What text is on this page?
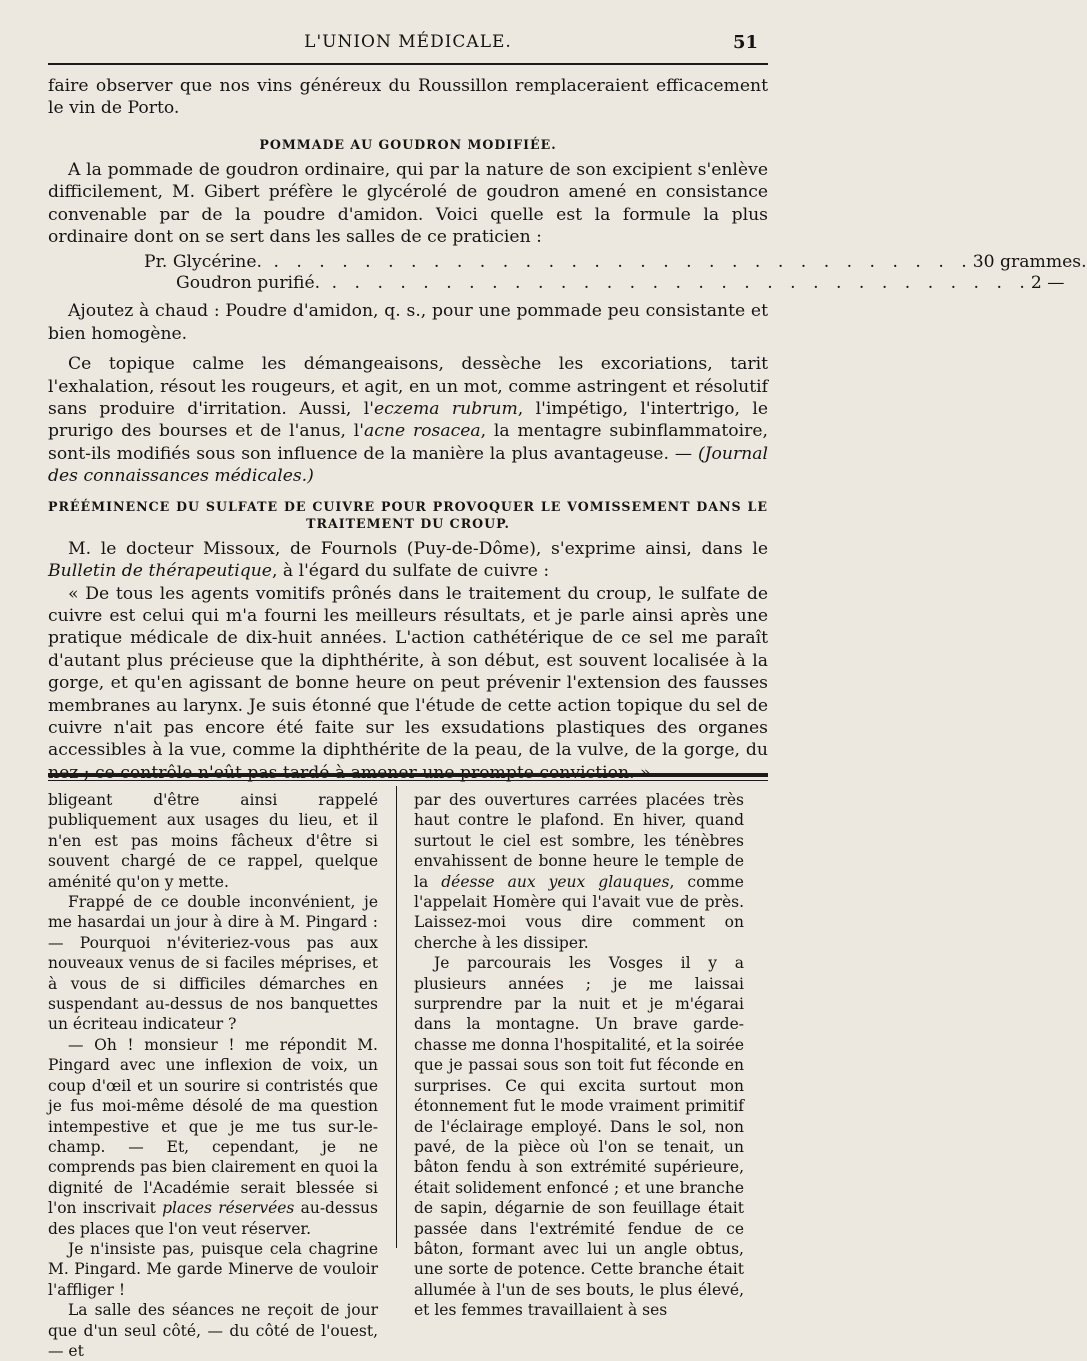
L'UNION MÉDICALE.	51

faire observer que nos vins généreux du Roussillon remplaceraient efficacement le vin de Porto.

POMMADE AU GOUDRON MODIFIÉE.

A la pommade de goudron ordinaire, qui par la nature de son excipient s'enlève difficilement, M. Gibert préfère le glycérolé de goudron amené en consistance convenable par de la poudre d'amidon. Voici quelle est la formule la plus ordinaire dont on se sert dans les salles de ce praticien :

Pr. Glycérine. . . . . . . . . . . . . . . . . . . . . . . . . . . . . . . . 30 grammes.
Goudron purifié. . . . . . . . . . . . . . . . . . . . . . . . . . . . . . . . 2 —

Ajoutez à chaud : Poudre d'amidon, q. s., pour une pommade peu consistante et bien homogène.

Ce topique calme les démangeaisons, dessèche les excoriations, tarit l'exhalation, résout les rougeurs, et agit, en un mot, comme astringent et résolutif sans produire d'irritation. Aussi, l'eczema rubrum, l'impétigo, l'intertrigo, le prurigo des bourses et de l'anus, l'acne rosacea, la mentagre subinflammatoire, sont-ils modifiés sous son influence de la manière la plus avantageuse. — (Journal des connaissances médicales.)

PRÉÉMINENCE DU SULFATE DE CUIVRE POUR PROVOQUER LE VOMISSEMENT DANS LE TRAITEMENT DU CROUP.

M. le docteur Missoux, de Fournols (Puy-de-Dôme), s'exprime ainsi, dans le Bulletin de thérapeutique, à l'égard du sulfate de cuivre :

« De tous les agents vomitifs prônés dans le traitement du croup, le sulfate de cuivre est celui qui m'a fourni les meilleurs résultats, et je parle ainsi après une pratique médicale de dix-huit années. L'action cathétérique de ce sel me paraît d'autant plus précieuse que la diphthérite, à son début, est souvent localisée à la gorge, et qu'en agissant de bonne heure on peut prévenir l'extension des fausses membranes au larynx. Je suis étonné que l'étude de cette action topique du sel de cuivre n'ait pas encore été faite sur les exsudations plastiques des organes accessibles à la vue, comme la diphthérite de la peau, de la vulve, de la gorge, du

bligeant d'être ainsi rappelé publiquement aux usages du lieu, et il n'en est pas moins fâcheux d'être si souvent chargé de ce rappel, quelque aménité qu'on y mette.

Frappé de ce double inconvénient, je me hasardai un jour à dire à M. Pingard : — Pourquoi n'éviteriez-vous pas aux nouveaux venus de si faciles méprises, et à vous de si difficiles démarches en suspendant au-dessus de nos banquettes un écriteau indicateur ?

— Oh ! monsieur ! me répondit M. Pingard avec une inflexion de voix, un coup d'œil et un sourire si contristés que je fus moi-même désolé de ma question intempestive et que je me tus sur-le-champ. — Et, cependant, je ne comprends pas bien clairement en quoi la dignité de l'Académie serait blessée si l'on inscrivait places réservées au-dessus des places que l'on veut réserver.

Je n'insiste pas, puisque cela chagrine M. Pingard. Me garde Minerve de vouloir l'affliger !

La salle des séances ne reçoit de jour que d'un seul côté, — du côté de l'ouest, — et

par des ouvertures carrées placées très haut contre le plafond. En hiver, quand surtout le ciel est sombre, les ténèbres envahissent de bonne heure le temple de la déesse aux yeux glauques, comme l'appelait Homère qui l'avait vue de près. Laissez-moi vous dire comment on cherche à les dissiper.

Je parcourais les Vosges il y a plusieurs années ; je me laissai surprendre par la nuit et je m'égarai dans la montagne. Un brave garde-chasse me donna l'hospitalité, et la soirée que je passai sous son toit fut féconde en surprises. Ce qui excita surtout mon étonnement fut le mode vraiment primitif de l'éclairage employé. Dans le sol, non pavé, de la pièce où l'on se tenait, un bâton fendu à son extrémité supérieure, était solidement enfoncé ; et une branche de sapin, dégarnie de son feuillage était passée dans l'extrémité fendue de ce bâton, formant avec lui un angle obtus, une sorte de potence. Cette branche était allumée à l'un de ses bouts, le plus élevé, et les femmes travaillaient à ses
